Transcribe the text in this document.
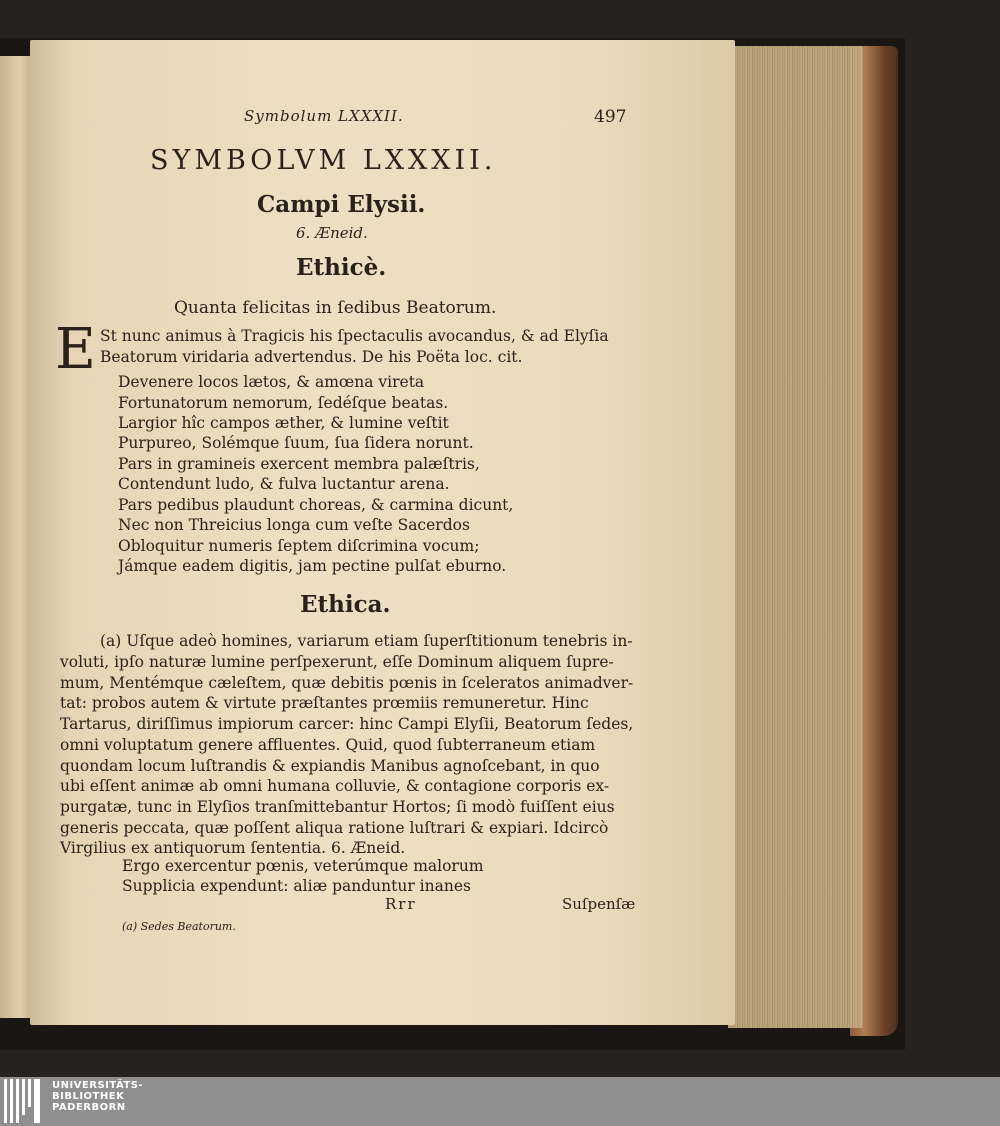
Symbolum LXXXII.	497
SYMBOLVM LXXXII.
Campi Elysii.
6. Æneid.
Ethicè.
Quanta felicitas in ſedibus Beatorum.
E St nunc animus à Tragicis his ſpectaculis avocandus, & ad Elyſia
Beatorum viridaria advertendus. De his Poëta loc. cit.
Devenere locos lætos, & amœna vireta
Fortunatorum nemorum, ſedéſque beatas.
Largior hîc campos æther, & lumine veſtit
Purpureo, Solémque ſuum, ſua ſidera norunt.
Pars in gramineis exercent membra palæſtris,
Contendunt ludo, & fulva luctantur arena.
Pars pedibus plaudunt choreas, & carmina dicunt,
Nec non Threicius longa cum veſte Sacerdos
Obloquitur numeris ſeptem diſcrimina vocum;
Jámque eadem digitis, jam pectine pulſat eburno.
Ethica.
(a) Uſque adeò homines, variarum etiam ſuperſtitionum tenebris in-
voluti, ipſo naturæ lumine perſpexerunt, eſſe Dominum aliquem ſupre-
mum, Mentémque cæleſtem, quæ debitis pœnis in ſceleratos animadver-
tat: probos autem & virtute præſtantes prœmiis remuneretur. Hinc
Tartarus, diriſſimus impiorum carcer: hinc Campi Elyſii, Beatorum ſedes,
omni voluptatum genere affluentes. Quid, quod ſubterraneum etiam
quondam locum luſtrandis & expiandis Manibus agnoſcebant, in quo
ubi eſſent animæ ab omni humana colluvie, & contagione corporis ex-
purgatæ, tunc in Elyſios tranſmittebantur Hortos; ſi modò fuiſſent eius
generis peccata, quæ poſſent aliqua ratione luſtrari & expiari. Idcircò
Virgilius ex antiquorum ſententia. 6. Æneid.
Ergo exercentur pœnis, veterúmque malorum
Supplicia expendunt: aliæ panduntur inanes
Rrr	Suſpenſæ
(a) Sedes Beatorum.
UNIVERSITÄTS-
BIBLIOTHEK
PADERBORN
